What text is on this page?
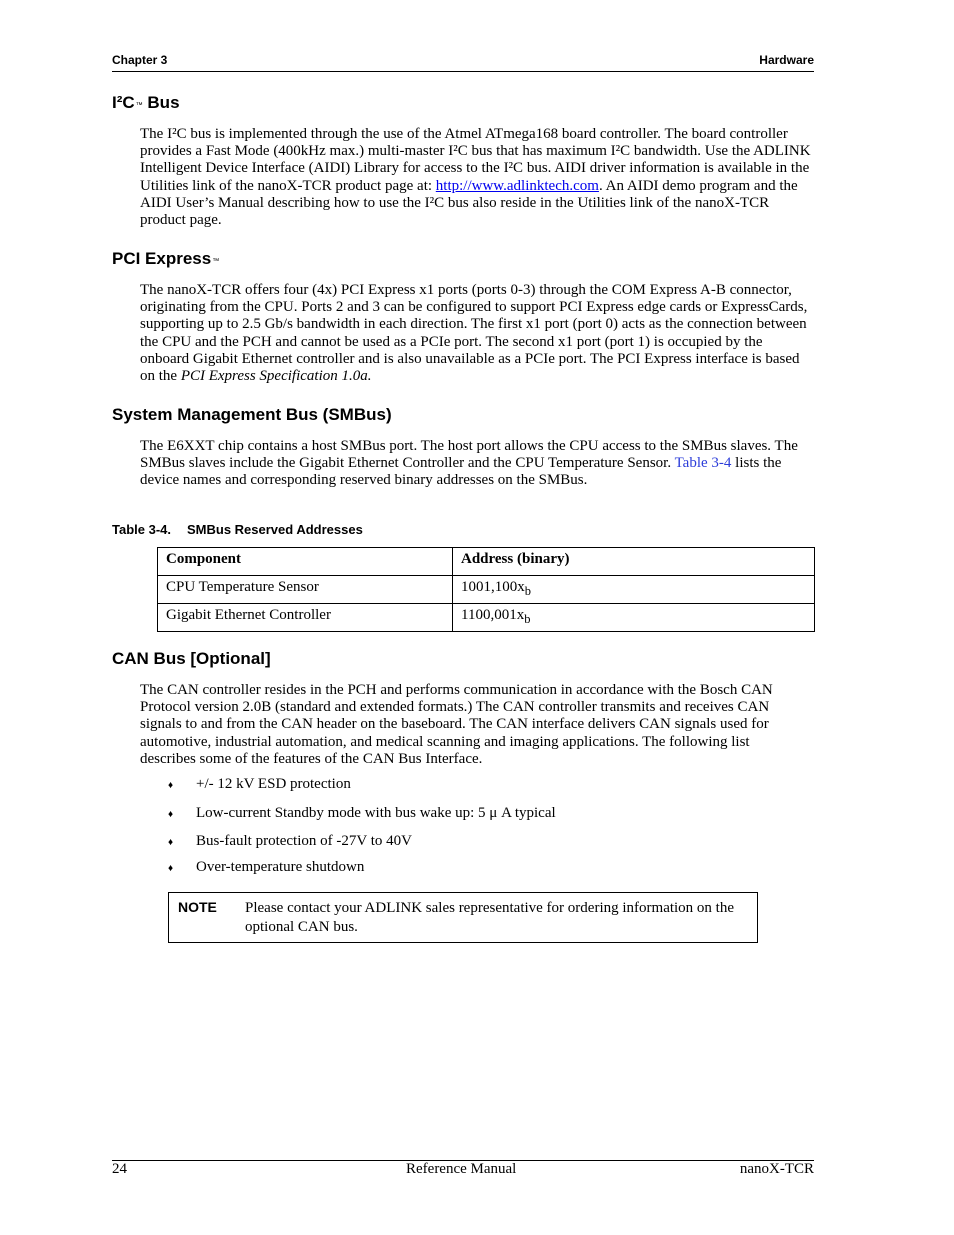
Chapter 3	Hardware
I²C™ Bus
The I²C bus is implemented through the use of the Atmel ATmega168 board controller. The board controller provides a Fast Mode (400kHz max.) multi-master I²C bus that has maximum I²C bandwidth. Use the ADLINK Intelligent Device Interface (AIDI) Library for access to the I²C bus. AIDI driver information is available in the Utilities link of the nanoX-TCR product page at: http://www.adlinktech.com. An AIDI demo program and the AIDI User’s Manual describing how to use the I²C bus also reside in the Utilities link of the nanoX-TCR product page.
PCI Express™
The nanoX-TCR offers four (4x) PCI Express x1 ports (ports 0-3) through the COM Express A-B connector, originating from the CPU. Ports 2 and 3 can be configured to support PCI Express edge cards or ExpressCards, supporting up to 2.5 Gb/s bandwidth in each direction. The first x1 port (port 0) acts as the connection between the CPU and the PCH and cannot be used as a PCIe port. The second x1 port (port 1) is occupied by the onboard Gigabit Ethernet controller and is also unavailable as a PCIe port. The PCI Express interface is based on the PCI Express Specification 1.0a.
System Management Bus (SMBus)
The E6XXT chip contains a host SMBus port. The host port allows the CPU access to the SMBus slaves. The SMBus slaves include the Gigabit Ethernet Controller and the CPU Temperature Sensor. Table 3-4 lists the device names and corresponding reserved binary addresses on the SMBus.
Table 3-4. SMBus Reserved Addresses
Component	Address (binary)
CPU Temperature Sensor	$1001,100x_b$
Gigabit Ethernet Controller	$1100,001x_b$
CAN Bus [Optional]
The CAN controller resides in the PCH and performs communication in accordance with the Bosch CAN Protocol version 2.0B (standard and extended formats.) The CAN controller transmits and receives CAN signals to and from the CAN header on the baseboard. The CAN interface delivers CAN signals used for automotive, industrial automation, and medical scanning and imaging applications. The following list describes some of the features of the CAN Bus Interface.
♦ +/- 12 kV ESD protection
♦ Low-current Standby mode with bus wake up: 5 μ A typical
♦ Bus-fault protection of -27V to 40V
♦ Over-temperature shutdown
NOTE Please contact your ADLINK sales representative for ordering information on the optional CAN bus.
24	Reference Manual	nanoX-TCR
